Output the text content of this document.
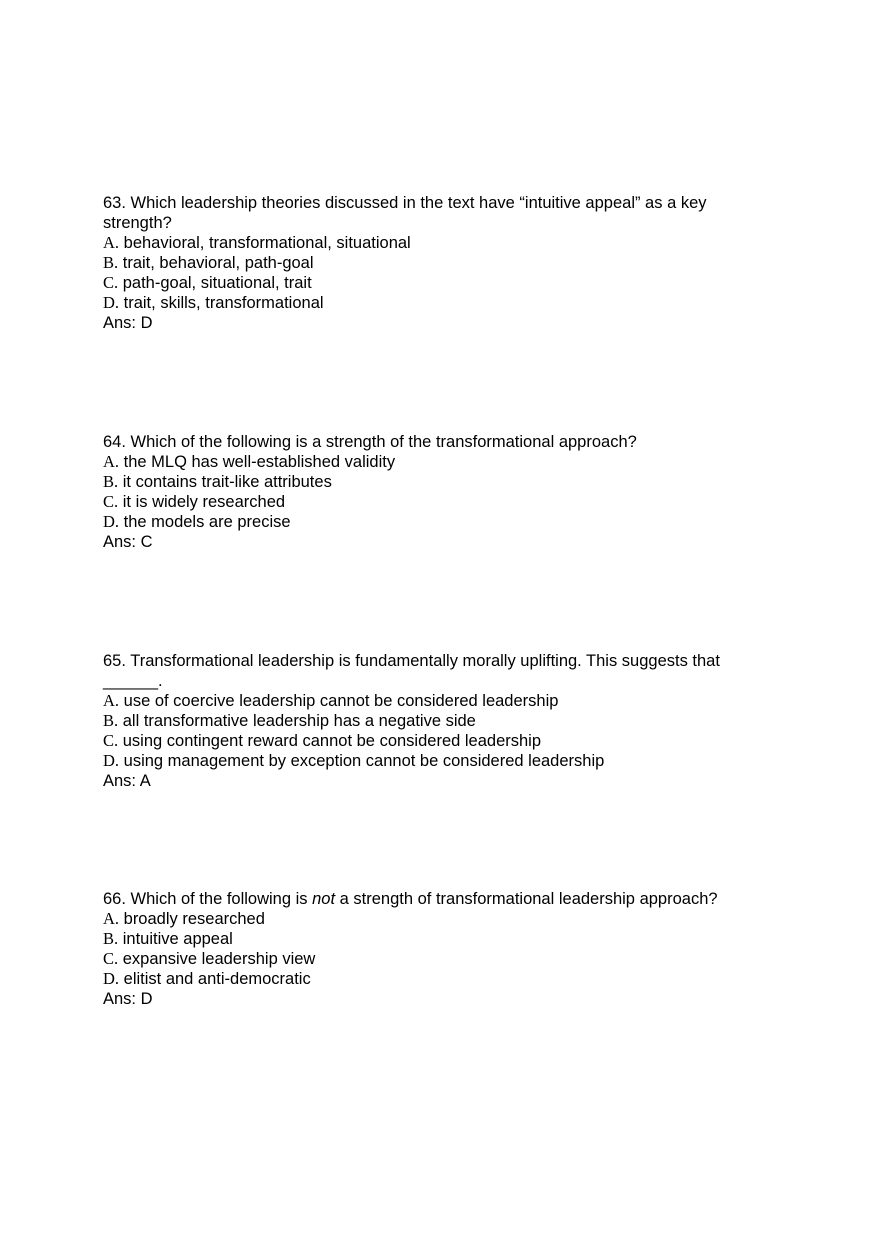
63. Which leadership theories discussed in the text have “intuitive appeal” as a key strength?

A. behavioral, transformational, situational
B. trait, behavioral, path-goal
C. path-goal, situational, trait
D. trait, skills, transformational

Ans: D

64. Which of the following is a strength of the transformational approach?

A. the MLQ has well-established validity
B. it contains trait-like attributes
C. it is widely researched
D. the models are precise

Ans: C

65. Transformational leadership is fundamentally morally uplifting. This suggests that
______.

A. use of coercive leadership cannot be considered leadership
B. all transformative leadership has a negative side
C. using contingent reward cannot be considered leadership
D. using management by exception cannot be considered leadership

Ans: A

66. Which of the following is not a strength of transformational leadership approach?

A. broadly researched
B. intuitive appeal
C. expansive leadership view
D. elitist and anti-democratic

Ans: D
